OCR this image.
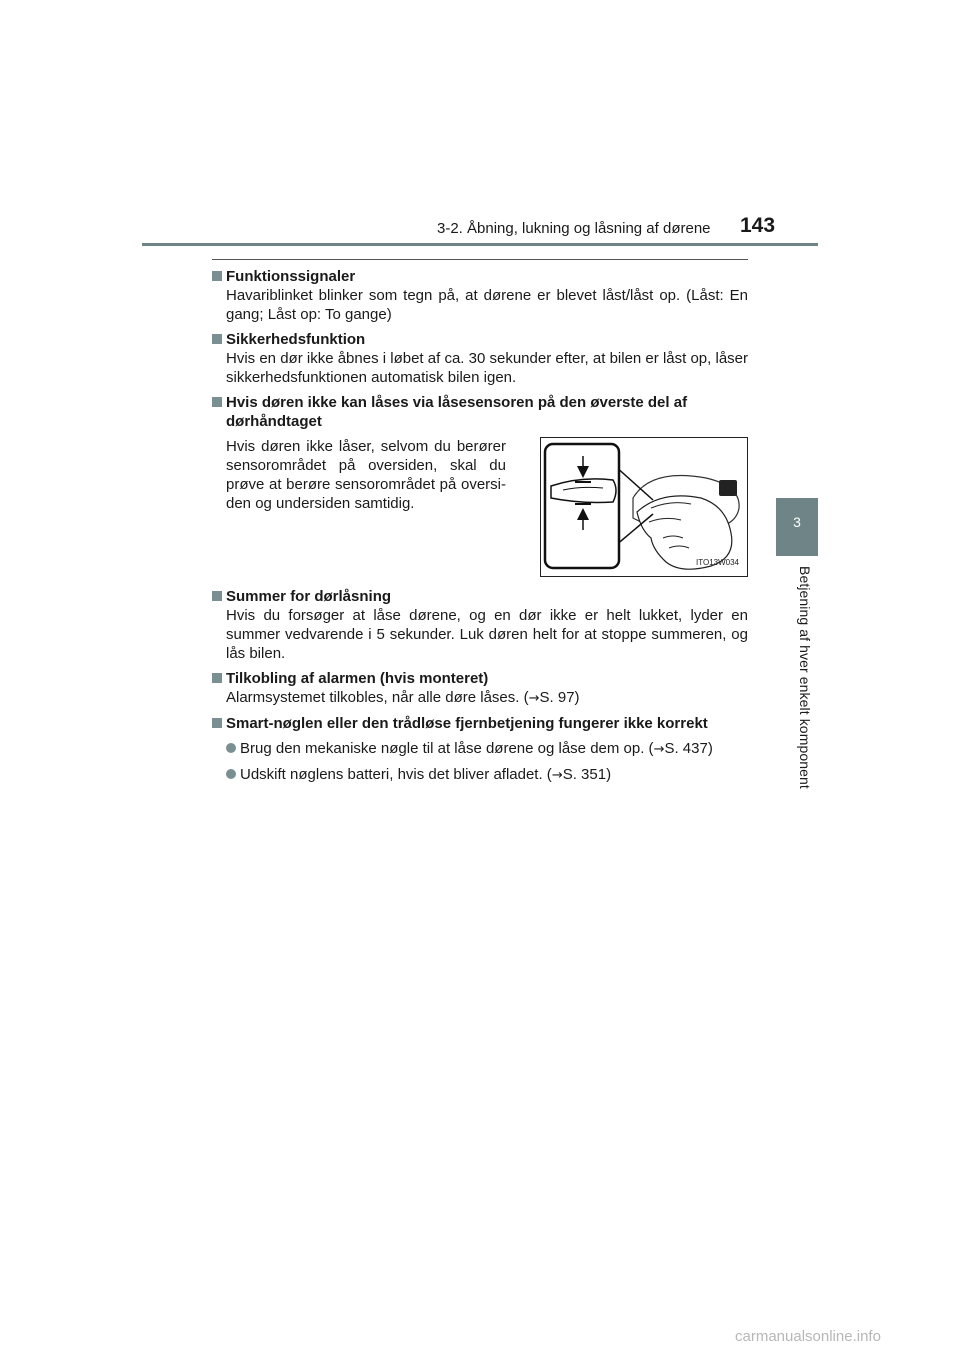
3-2. Åbning, lukning og låsning af dørene 143
3
Betjening af hver enkelt komponent
Funktionssignaler
Havariblinket blinker som tegn på, at dørene er blevet låst/låst op. (Låst: En gang; Låst op: To gange)
Sikkerhedsfunktion
Hvis en dør ikke åbnes i løbet af ca. 30 sekunder efter, at bilen er låst op, låser sikkerhedsfunktionen automatisk bilen igen.
Hvis døren ikke kan låses via låsesensoren på den øverste del af dørhåndtaget
Hvis døren ikke låser, selvom du berører sensorområdet på oversiden, skal du prøve at berøre sensorområdet på oversi-den og undersiden samtidig.
ITO13W034
Summer for dørlåsning
Hvis du forsøger at låse dørene, og en dør ikke er helt lukket, lyder en summer vedvarende i 5 sekunder. Luk døren helt for at stoppe summeren, og lås bilen.
Tilkobling af alarmen (hvis monteret)
Alarmsystemet tilkobles, når alle døre låses. (→S. 97)
Smart-nøglen eller den trådløse fjernbetjening fungerer ikke korrekt
Brug den mekaniske nøgle til at låse dørene og låse dem op. (→S. 437)
Udskift nøglens batteri, hvis det bliver afladet. (→S. 351)
carmanualsonline.info
